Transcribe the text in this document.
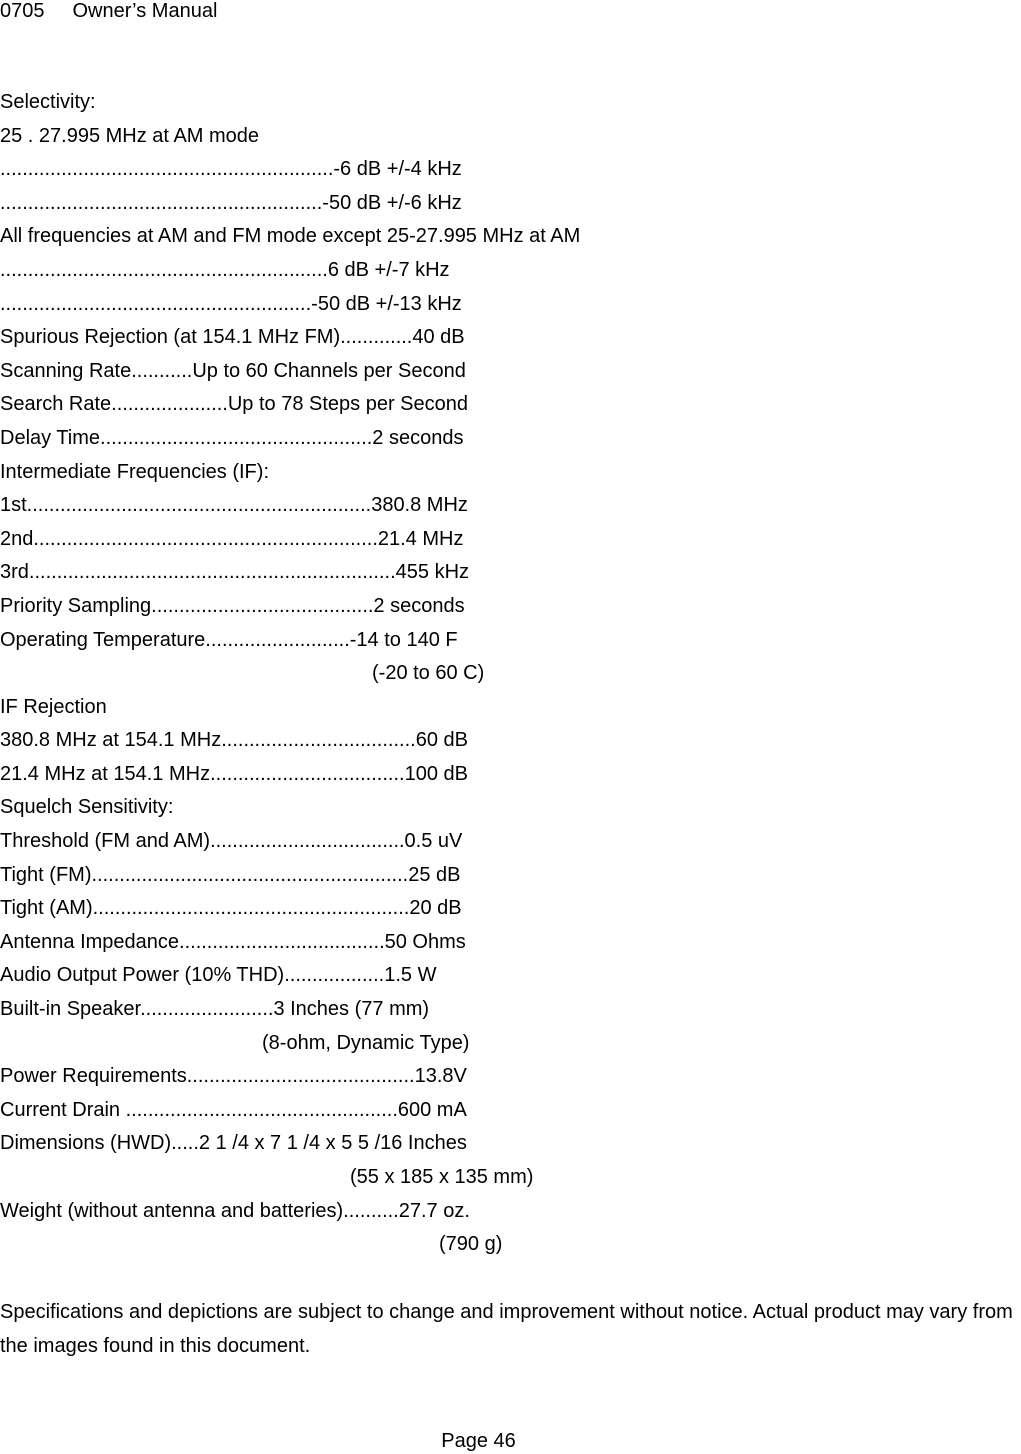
0705 Owner’s Manual
Selectivity:
25 . 27.995 MHz at AM mode
............................................................-6 dB +/-4 kHz
..........................................................-50 dB +/-6 kHz
All frequencies at AM and FM mode except 25-27.995 MHz at AM
...........................................................6 dB +/-7 kHz
........................................................-50 dB +/-13 kHz
Spurious Rejection (at 154.1 MHz FM).............40 dB
Scanning Rate...........Up to 60 Channels per Second
Search Rate.....................Up to 78 Steps per Second
Delay Time.................................................2 seconds
Intermediate Frequencies (IF):
1st..............................................................380.8 MHz
2nd..............................................................21.4 MHz
3rd..................................................................455 kHz
Priority Sampling........................................2 seconds
Operating Temperature..........................-14 to 140 F
(-20 to 60 C)
IF Rejection
380.8 MHz at 154.1 MHz...................................60 dB
21.4 MHz at 154.1 MHz...................................100 dB
Squelch Sensitivity:
Threshold (FM and AM)...................................0.5 uV
Tight (FM).........................................................25 dB
Tight (AM).........................................................20 dB
Antenna Impedance.....................................50 Ohms
Audio Output Power (10% THD)..................1.5 W
Built-in Speaker........................3 Inches (77 mm)
(8-ohm, Dynamic Type)
Power Requirements.........................................13.8V
Current Drain .................................................600 mA
Dimensions (HWD).....2 1 /4 x 7 1 /4 x 5 5 /16 Inches
(55 x 185 x 135 mm)
Weight (without antenna and batteries)..........27.7 oz.
(790 g)
Specifications and depictions are subject to change and improvement without notice. Actual product may vary from the images found in this document.
Page 46
